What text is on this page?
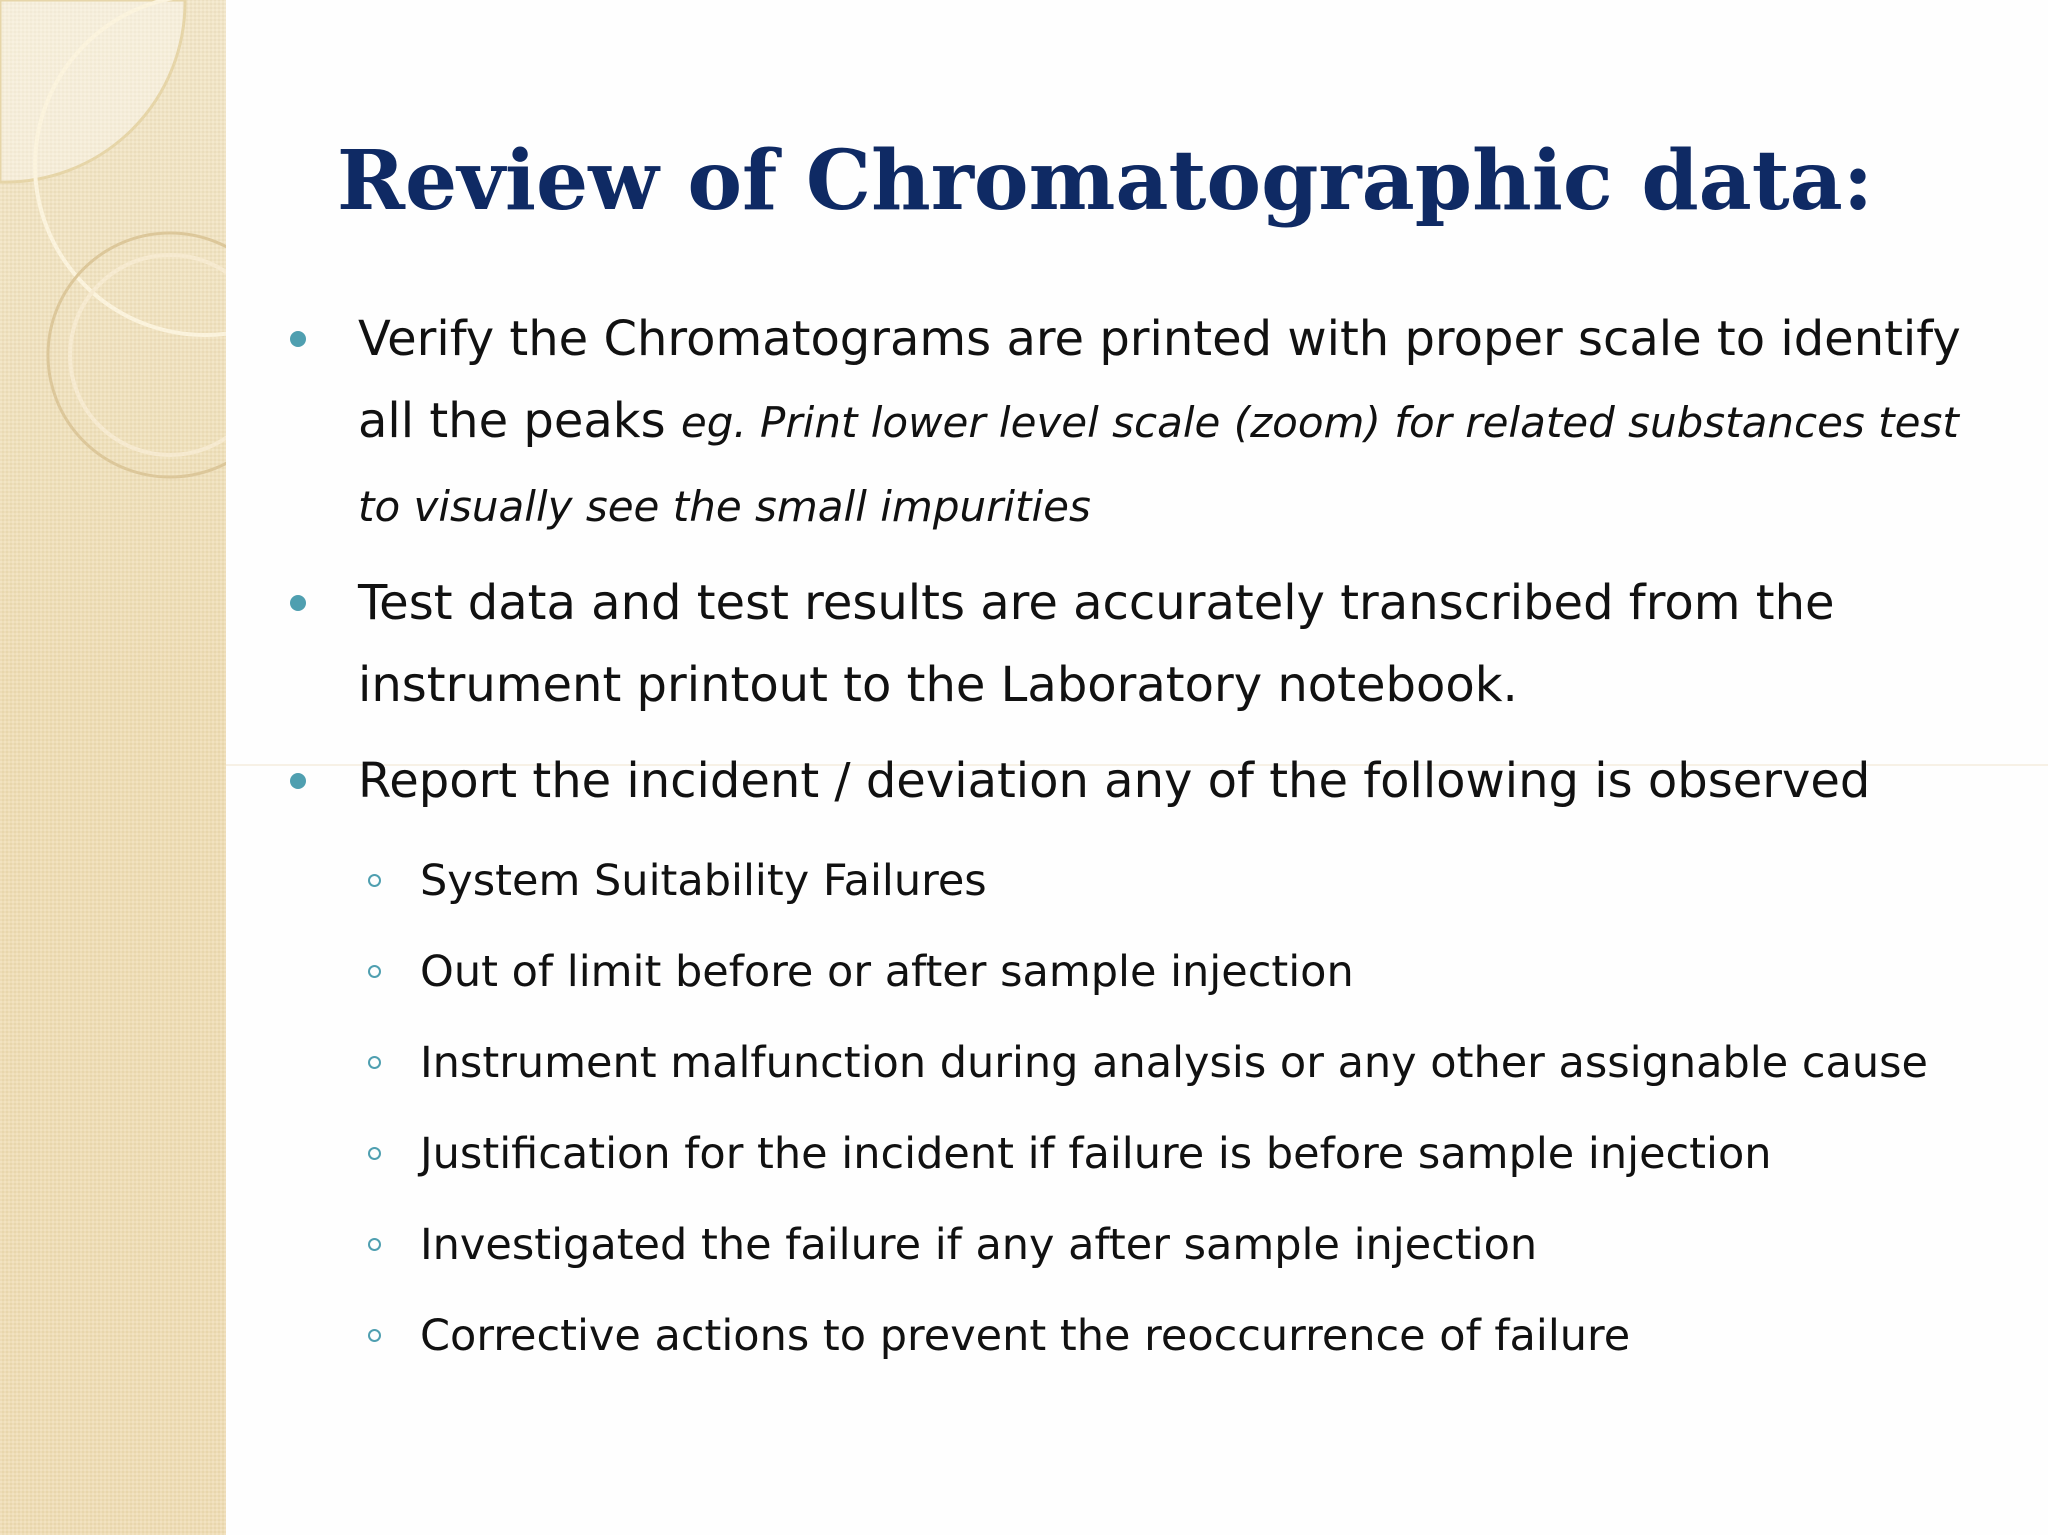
Review of Chromatographic data:
Verify the Chromatograms are printed with proper scale to identify all the peaks eg. Print lower level scale (zoom) for related substances test to visually see the small impurities
Test data and test results are accurately transcribed from the instrument printout to the Laboratory notebook.
Report the incident / deviation any of the following is observed
System Suitability Failures
Out of limit before or after sample injection
Instrument malfunction during analysis or any other assignable cause
Justification for the incident if failure is before sample injection
Investigated the failure if any after sample injection
Corrective actions to prevent the reoccurrence of failure
